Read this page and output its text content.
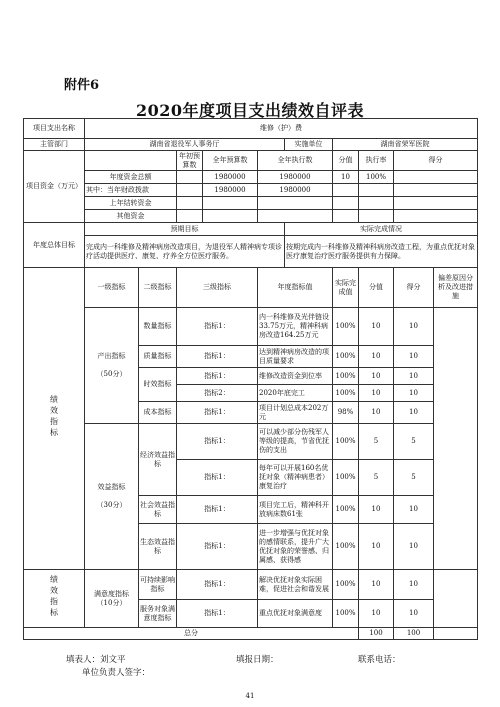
附件6
2020年度项目支出绩效自评表
项目支出名称	维修（护）费									
主管部门	湖南省退役军人事务厅					实施单位	湖南省荣军医院			
项目资金（万元）			年初预算数	全年预算数	全年执行数		分值	执行率	得分	
	年度资金总额			1980000	1980000		10	100%		
	其中：当年财政拨款			1980000	1980000					
	上年结转资金									
	其他资金									
年度总体目标	预期目标					实际完成情况				
	完成内一科维修及精神病房改造项目，为退役军人精神病专项诊疗活动提供医疗、康复、疗养全方位医疗服务。					按期完成内一科维修及精神科病房改造工程，为重点优抚对象医疗康复治疗医疗服务提供有力保障。				
绩效指标	一级指标	二级指标	三级指标		年度指标值		实际完成值	分值	得分	偏差原因分析及改进措施
	产出指标

（50分）	数量指标	指标1：		内一科维修及光伴链设33.75万元，精神科病房改造164.25万元		100%	10	10	
		质量指标	指标1：		达到精神病房改造的项目质量要求		100%	10	10	
		时效指标	指标1：		维修改造资金到位率		100%	10	10	
			指标2：		2020年底完工		100%	10	10	
		成本指标	指标1：		项目计划总成本202万元		98%	10	10	
	效益指标

（30分）	经济效益指标	指标1：		可以减少部分伤残军人等级的提高，节省优抚伤的支出		100%	5	5	
			指标1：		每年可以开展160名优抚对象（精神病患者）康复治疗		100%	5	5	
		社会效益指标	指标1：		项目完工后，精神科开放病床数61张		100%	10	10	
		生态效益指标	指标1：		进一步增强与优抚对象的感情联系，提升广大优抚对象的荣誉感、归属感、获得感		100%	10	10	
绩效指标	满意度指标
（10分）	可持续影响指标	指标1：		解决优抚对象实际困难，促进社会和谐发展		100%	10	10	
		服务对象满意度指标	指标1：		重点优抚对象满意度		100%	10	10	
总分								100	100	
填表人：刘文平	填报日期：	联系电话：
单位负责人签字：
41
